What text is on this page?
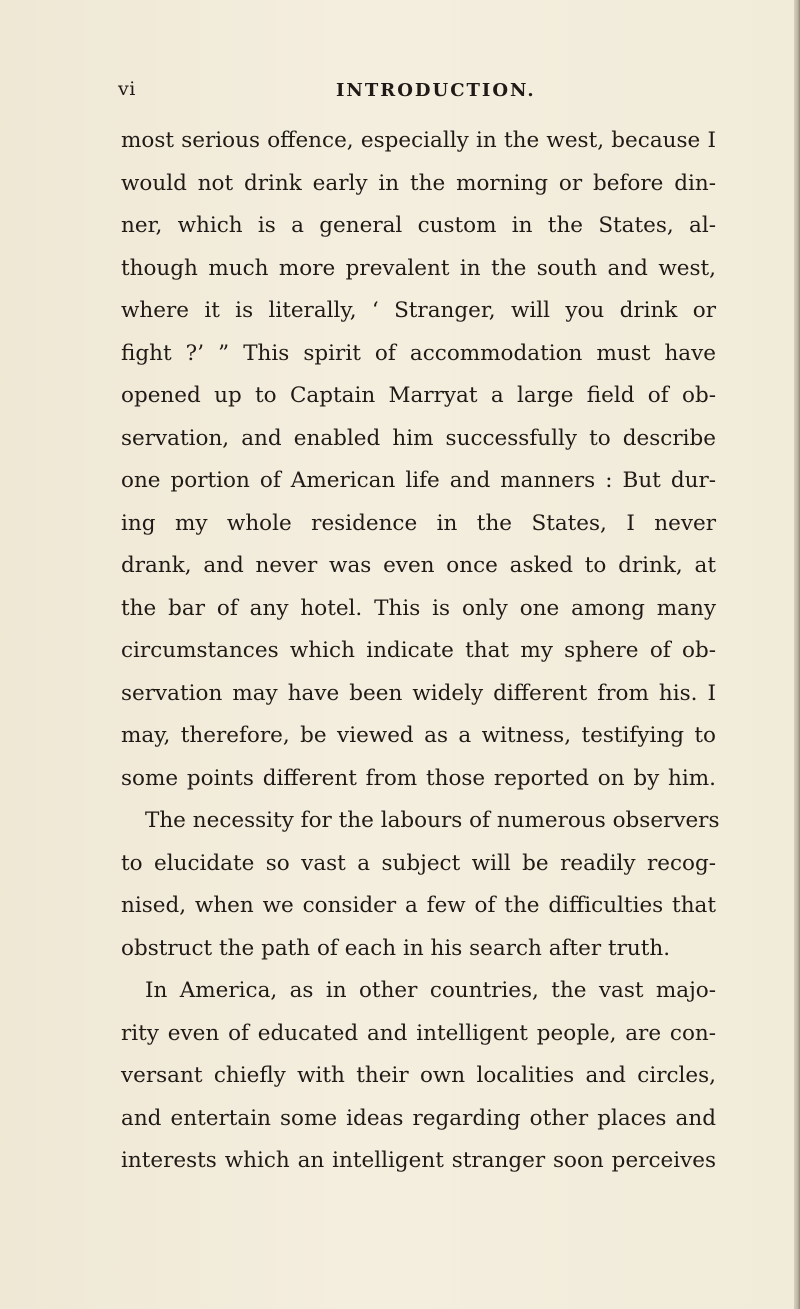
vi	INTRODUCTION.
most serious offence, especially in the west, because I
would not drink early in the morning or before din-
ner, which is a general custom in the States, al-
though much more prevalent in the south and west,
where it is literally, ‘ Stranger, will you drink or
fight ?’ ” This spirit of accommodation must have
opened up to Captain Marryat a large field of ob-
servation, and enabled him successfully to describe
one portion of American life and manners : But dur-
ing my whole residence in the States, I never
drank, and never was even once asked to drink, at
the bar of any hotel. This is only one among many
circumstances which indicate that my sphere of ob-
servation may have been widely different from his. I
may, therefore, be viewed as a witness, testifying to
some points different from those reported on by him.
The necessity for the labours of numerous observers
to elucidate so vast a subject will be readily recog-
nised, when we consider a few of the difficulties that
obstruct the path of each in his search after truth.
In America, as in other countries, the vast majo-
rity even of educated and intelligent people, are con-
versant chiefly with their own localities and circles,
and entertain some ideas regarding other places and
interests which an intelligent stranger soon perceives
